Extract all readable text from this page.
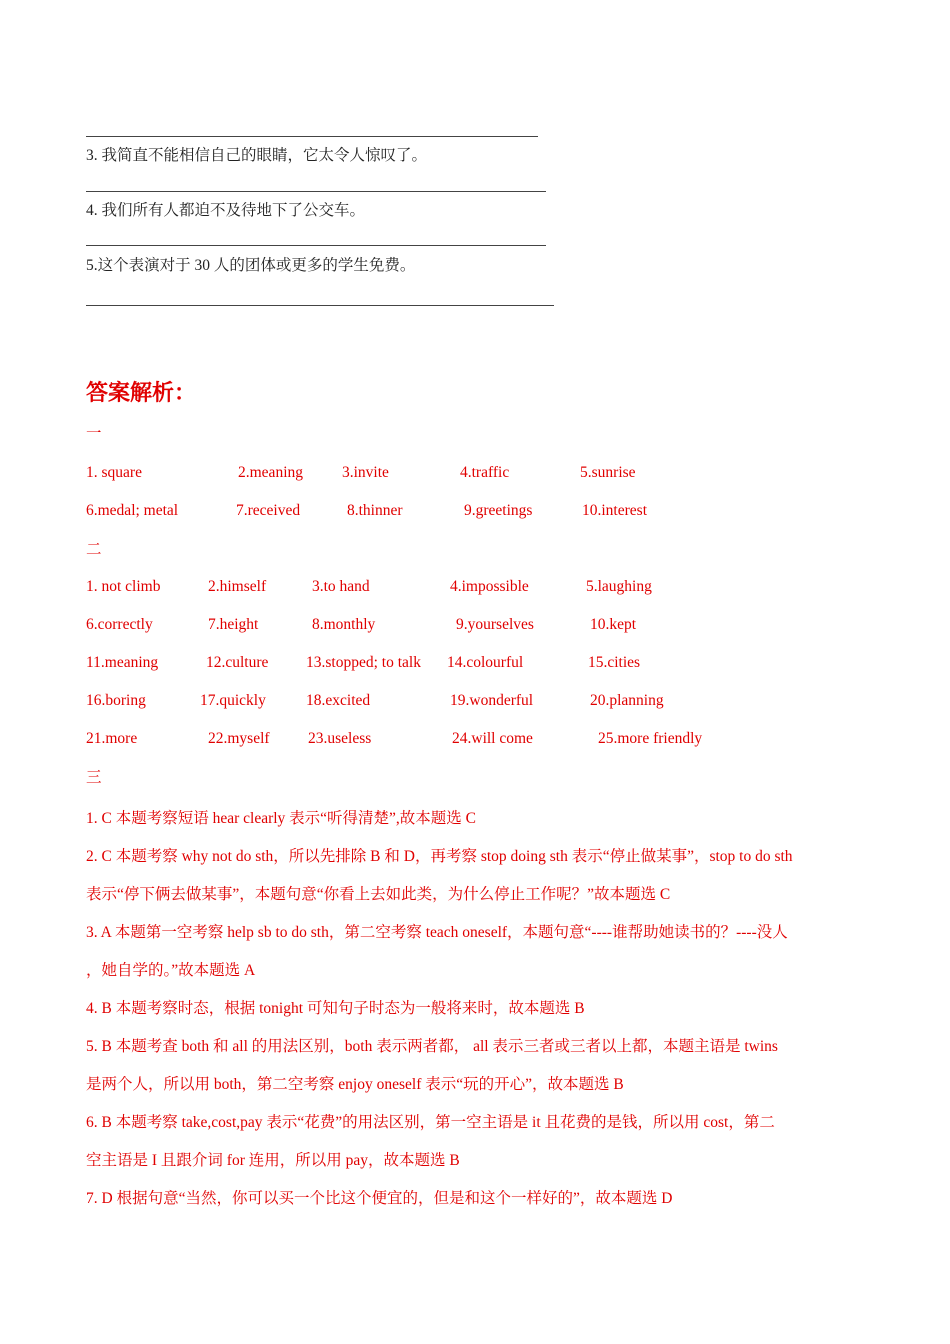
3. 我简直不能相信自己的眼睛，它太令人惊叹了。
4. 我们所有人都迫不及待地下了公交车。
5.这个表演对于 30 人的团体或更多的学生免费。
答案解析：
一
1. square	2.meaning	3.invite	4.traffic	5.sunrise
6.medal; metal	7.received	8.thinner	9.greetings	10.interest
二
1. not climb	2.himself	3.to hand	4.impossible	5.laughing
6.correctly	7.height	8.monthly	9.yourselves	10.kept
11.meaning	12.culture 13.stopped; to talk 14.colourful	15.cities
16.boring	17.quickly	18.excited	19.wonderful	20.planning
21.more	22.myself 23.useless	24.will come	25.more friendly
三
1. C 本题考察短语 hear clearly 表示“听得清楚”,故本题选 C
2. C 本题考察 why not do sth，所以先排除 B 和 D，再考察 stop doing sth 表示“停止做某事”，stop to do sth
表示“停下俩去做某事”，本题句意“你看上去如此类，为什么停止工作呢？”故本题选 C
3. A 本题第一空考察 help sb to do sth，第二空考察 teach oneself，本题句意“----谁帮助她读书的？----没人
，她自学的。”故本题选 A
4. B 本题考察时态，根据 tonight 可知句子时态为一般将来时，故本题选 B
5. B 本题考查 both 和 all 的用法区别，both 表示两者都， all 表示三者或三者以上都，本题主语是 twins
是两个人，所以用 both，第二空考察 enjoy oneself 表示“玩的开心”，故本题选 B
6. B 本题考察 take,cost,pay 表示“花费”的用法区别，第一空主语是 it 且花费的是钱，所以用 cost，第二
空主语是 I 且跟介词 for 连用，所以用 pay，故本题选 B
7. D 根据句意“当然，你可以买一个比这个便宜的，但是和这个一样好的”，故本题选 D
